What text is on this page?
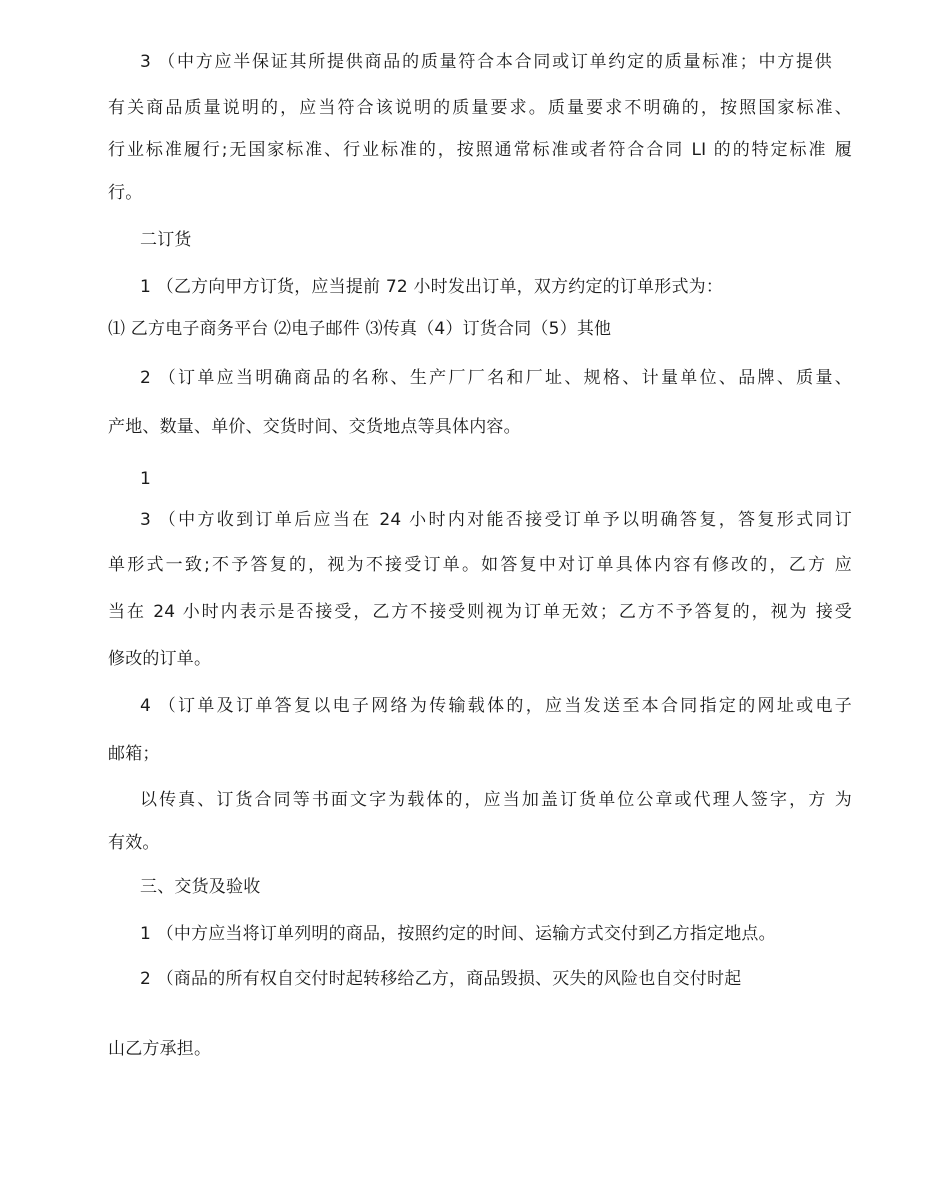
3 （中方应半保证其所提供商品的质量符合本合同或订单约定的质量标准；中方提供
有关商品质量说明的，应当符合该说明的质量要求。质量要求不明确的，按照国家标准、
行业标准履行;无国家标准、行业标准的，按照通常标准或者符合合同 LI 的的特定标准 履
行。
二订货
1 （乙方向甲方订货，应当提前 72 小时发出订单，双方约定的订单形式为：
⑴ 乙方电子商务平台 ⑵电子邮件 ⑶传真（4）订货合同（5）其他
2 （订单应当明确商品的名称、生产厂厂名和厂址、规格、计量单位、品牌、质量、
产地、数量、单价、交货时间、交货地点等具体内容。
1
3 （中方收到订单后应当在 24 小时内对能否接受订单予以明确答复，答复形式同订
单形式一致;不予答复的，视为不接受订单。如答复中对订单具体内容有修改的，乙方 应
当在 24 小时内表示是否接受，乙方不接受则视为订单无效；乙方不予答复的，视为 接受
修改的订单。
4 （订单及订单答复以电子网络为传输载体的，应当发送至本合同指定的网址或电子
邮箱；
以传真、订货合同等书面文字为载体的，应当加盖订货单位公章或代理人签字，方 为
有效。
三、交货及验收
1 （中方应当将订单列明的商品，按照约定的时间、运输方式交付到乙方指定地点。
2 （商品的所有权自交付时起转移给乙方，商品毁损、灭失的风险也自交付时起
山乙方承担。
